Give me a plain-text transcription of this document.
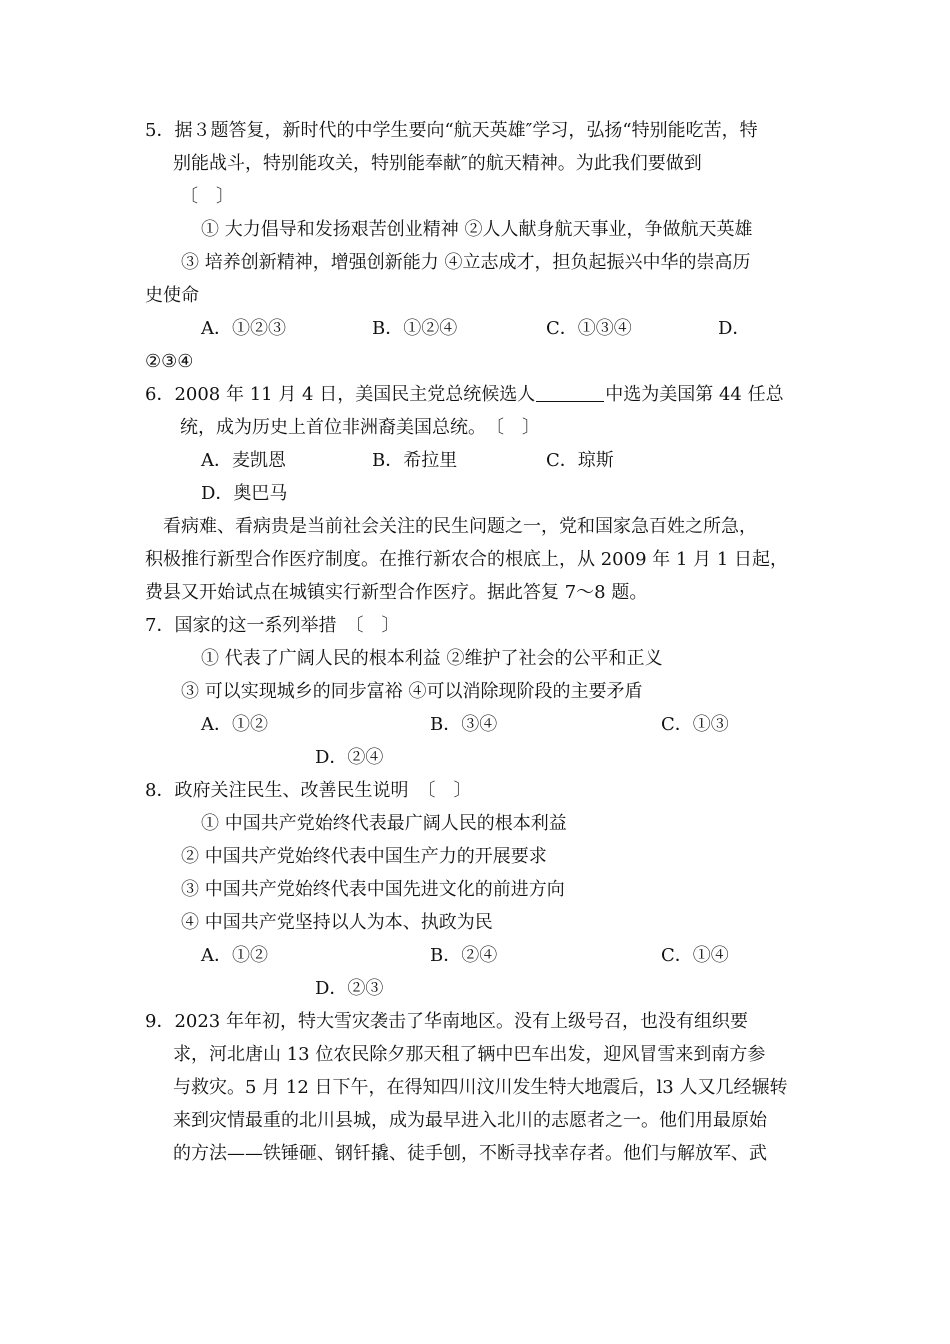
5．据３题答复，新时代的中学生要向“航天英雄″学习，弘扬“特别能吃苦，特
别能战斗，特别能攻关，特别能奉献″的航天精神。为此我们要做到
〔　〕
① 大力倡导和发扬艰苦创业精神 ②人人献身航天事业，争做航天英雄
③ 培养创新精神，增强创新能力 ④立志成才，担负起振兴中华的崇高历
史使命
A．①②③	B．①②④	C．①③④	D．
②③④
6．2008 年 11 月 4 日，美国民主党总统候选人	中选为美国第 44 任总
统，成为历史上首位非洲裔美国总统。　〔　〕
A．麦凯恩	B．希拉里	C．琼斯
D．奥巴马
看病难、看病贵是当前社会关注的民生问题之一，党和国家急百姓之所急，
积极推行新型合作医疗制度。在推行新农合的根底上，从 2009 年 1 月 1 日起，
费县又开始试点在城镇实行新型合作医疗。据此答复 7～8 题。
7．国家的这一系列举措　〔　〕
① 代表了广阔人民的根本利益 ②维护了社会的公平和正义
③ 可以实现城乡的同步富裕 ④可以消除现阶段的主要矛盾
A．①②	B．③④	C．①③
D．②④
8．政府关注民生、改善民生说明　〔　〕
① 中国共产党始终代表最广阔人民的根本利益
② 中国共产党始终代表中国生产力的开展要求
③ 中国共产党始终代表中国先进文化的前进方向
④ 中国共产党坚持以人为本、执政为民
A．①②	B．②④	C．①④
D．②③
9．2023 年年初，特大雪灾袭击了华南地区。没有上级号召，也没有组织要
求，河北唐山 13 位农民除夕那天租了辆中巴车出发，迎风冒雪来到南方参
与救灾。5 月 12 日下午，在得知四川汶川发生特大地震后，l3 人又几经辗转
来到灾情最重的北川县城，成为最早进入北川的志愿者之一。他们用最原始
的方法——铁锤砸、钢钎撬、徒手刨，不断寻找幸存者。他们与解放军、武
